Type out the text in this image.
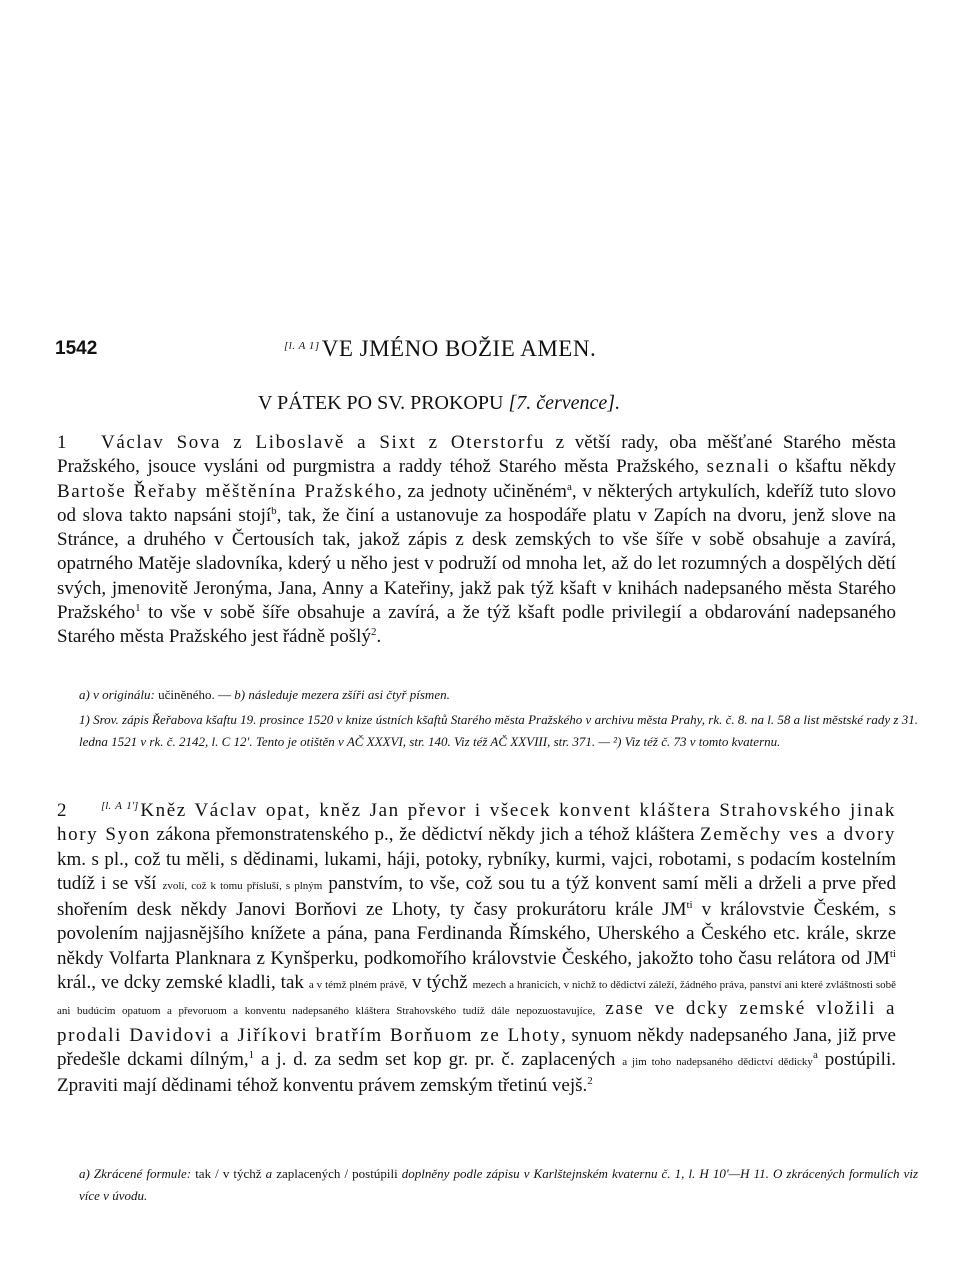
1542	[l. A 1]VE JMÉNO BOŽIE AMEN.
V PÁTEK PO SV. PROKOPU [7. července].

1 Václav Sova z Liboslavě a Sixt z Oterstorfu z větší rady, oba měšťané Starého města Pražského, jsouce vysláni od purgmistra a raddy téhož Starého města Pražského, seznali o kšaftu někdy Bartoše Řeřaby měštěnína Pražského, za jednoty učiněném$^a$, v některých artykulích, kdeříž tuto slovo od slova takto napsáni stojí$^b$, tak, že činí a ustanovuje za hospodáře platu v Zapích na dvoru, jenž slove na Stránce, a druhého v Čertousích tak, jakož zápis z desk zemských to vše šíře v sobě obsahuje a zavírá, opatrného Matěje sladovníka, kderý u něho jest v podruží od mnoha let, až do let rozumných a dospělých dětí svých, jmenovitě Jeronýma, Jana, Anny a Kateřiny, jakž pak týž kšaft v knihách nadepsaného města Starého Pražského$^1$ to vše v sobě šíře obsahuje a zavírá, a že týž kšaft podle privilegií a obdarování nadepsaného Starého města Pražského jest řádně pošlý$^2$.

a) v originálu: učiněného. — b) následuje mezera zšíři asi čtyř písmen.

1) Srov. zápis Řeřabova kšaftu 19. prosince 1520 v knize ústních kšaftů Starého města Pražského v archivu města Prahy, rk. č. 8. na l. 58 a list městské rady z 31. ledna 1521 v rk. č. 2142, l. C 12'. Tento je otištěn v AČ XXXVI, str. 140. Viz též AČ XXVIII, str. 371. — ²) Viz též č. 73 v tomto kvaternu.

2	[l. A 1'] Kněz Václav opat, kněz Jan převor i všecek konvent kláštera Strahovského jinak hory Syon zákona přemonstratenského p., že dědictví někdy jich a téhož kláštera Zeměchy ves a dvory km. s pl., což tu měli, s dědinami, lukami, háji, potoky, rybníky, kurmi, vajci, robotami, s podacím kostelním tudíž i se vší zvolí, což k tomu přísluší, s plným panstvím, to vše, což sou tu a týž konvent samí měli a drželi a prve před shořením desk někdy Janovi Borňovi ze Lhoty, ty časy prokurátoru krále $JM^{ti}$ v královstvie Českém, s povolením najjasnějšího knížete a pána, pana Ferdinanda Římského, Uherského a Českého etc. krále, skrze někdy Volfarta Planknara z Kynšperku, podkomořího královstvie Českého, jakožto toho času relátora od $JM^{ti}$ král., ve dcky zemské kladli, tak a v témž plném právě, v týchž mezech a hranicích, v nichž to dědictví záleží, žádného práva, panství ani které zvláštnosti sobě ani budúcím opatuom a převoruom a konventu nadepsaného kláštera Strahovského tudíž dále nepozuostavujíce, zase ve dcky zemské vložili a prodali Davidovi a Jiříkovi bratřím Borňuom ze Lhoty, synuom někdy nadepsaného Jana, již prve předešle dckami dílným,$^1$ a j. d. za sedm set kop gr. pr. č. zaplacených a jim toho nadepsaného dědictví dědicky$^a$ postúpili. Zpraviti mají dědinami téhož konventu právem zemským třetinú vejš.$^2$

a) Zkrácené formule: tak / v týchž a zaplacených / postúpili doplněny podle zápisu v Karlštejnském kvaternu č. 1, l. H 10'—H 11. O zkrácených formulích viz více v úvodu.
